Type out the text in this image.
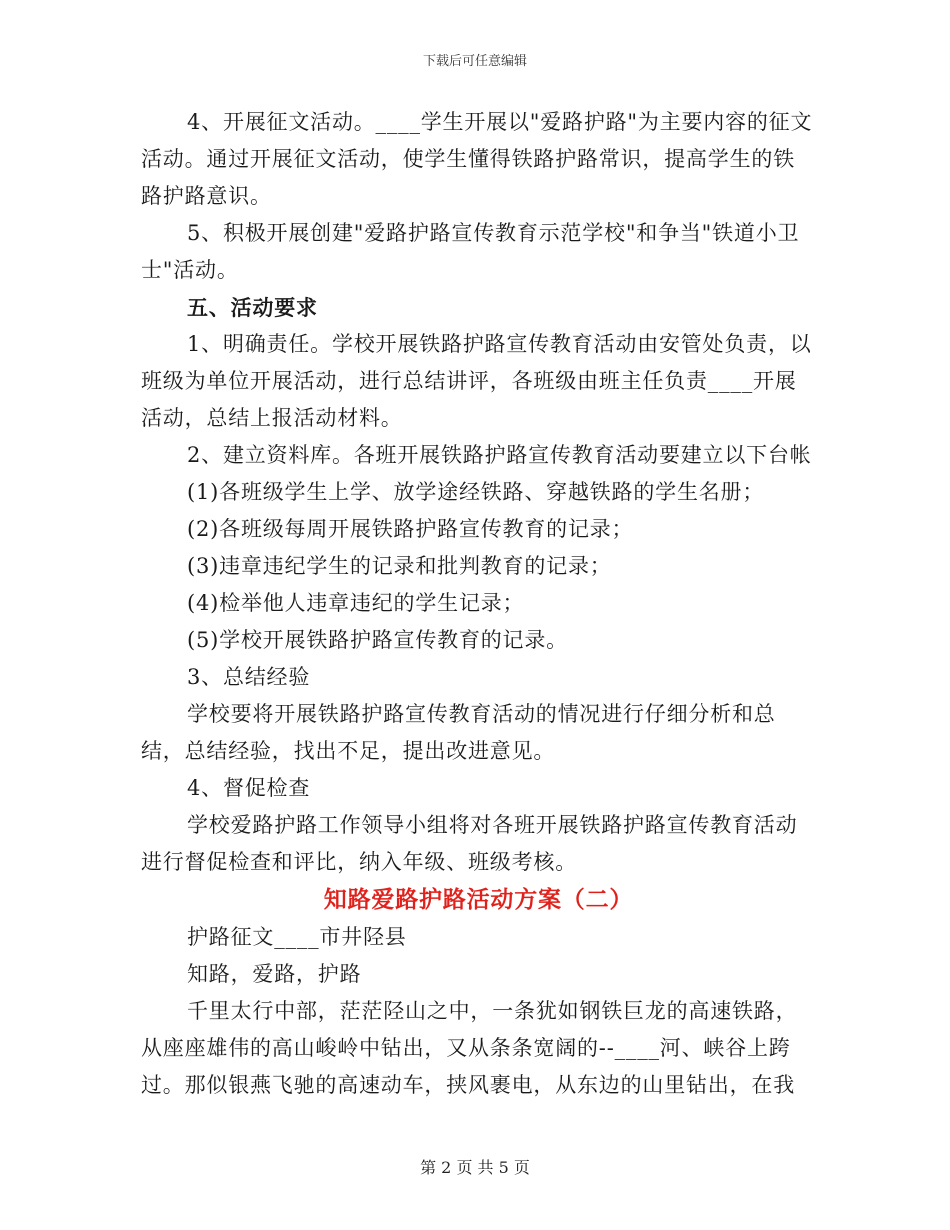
下载后可任意编辑

4、开展征文活动。____学生开展以"爱路护路"为主要内容的征文活动。通过开展征文活动，使学生懂得铁路护路常识，提高学生的铁路护路意识。

5、积极开展创建"爱路护路宣传教育示范学校"和争当"铁道小卫士"活动。

五、活动要求

1、明确责任。学校开展铁路护路宣传教育活动由安管处负责，以班级为单位开展活动，进行总结讲评，各班级由班主任负责____开展活动，总结上报活动材料。

2、建立资料库。各班开展铁路护路宣传教育活动要建立以下台帐

(1)各班级学生上学、放学途经铁路、穿越铁路的学生名册；

(2)各班级每周开展铁路护路宣传教育的记录；

(3)违章违纪学生的记录和批判教育的记录；

(4)检举他人违章违纪的学生记录；

(5)学校开展铁路护路宣传教育的记录。

3、总结经验

学校要将开展铁路护路宣传教育活动的情况进行仔细分析和总结，总结经验，找出不足，提出改进意见。

4、督促检查

学校爱路护路工作领导小组将对各班开展铁路护路宣传教育活动进行督促检查和评比，纳入年级、班级考核。

知路爱路护路活动方案（二）

护路征文____市井陉县

知路，爱路，护路

千里太行中部，茫茫陉山之中，一条犹如钢铁巨龙的高速铁路，从座座雄伟的高山峻岭中钻出，又从条条宽阔的--____河、峡谷上跨过。那似银燕飞驰的高速动车，挟风裹电，从东边的山里钻出，在我

第 2 页 共 5 页
